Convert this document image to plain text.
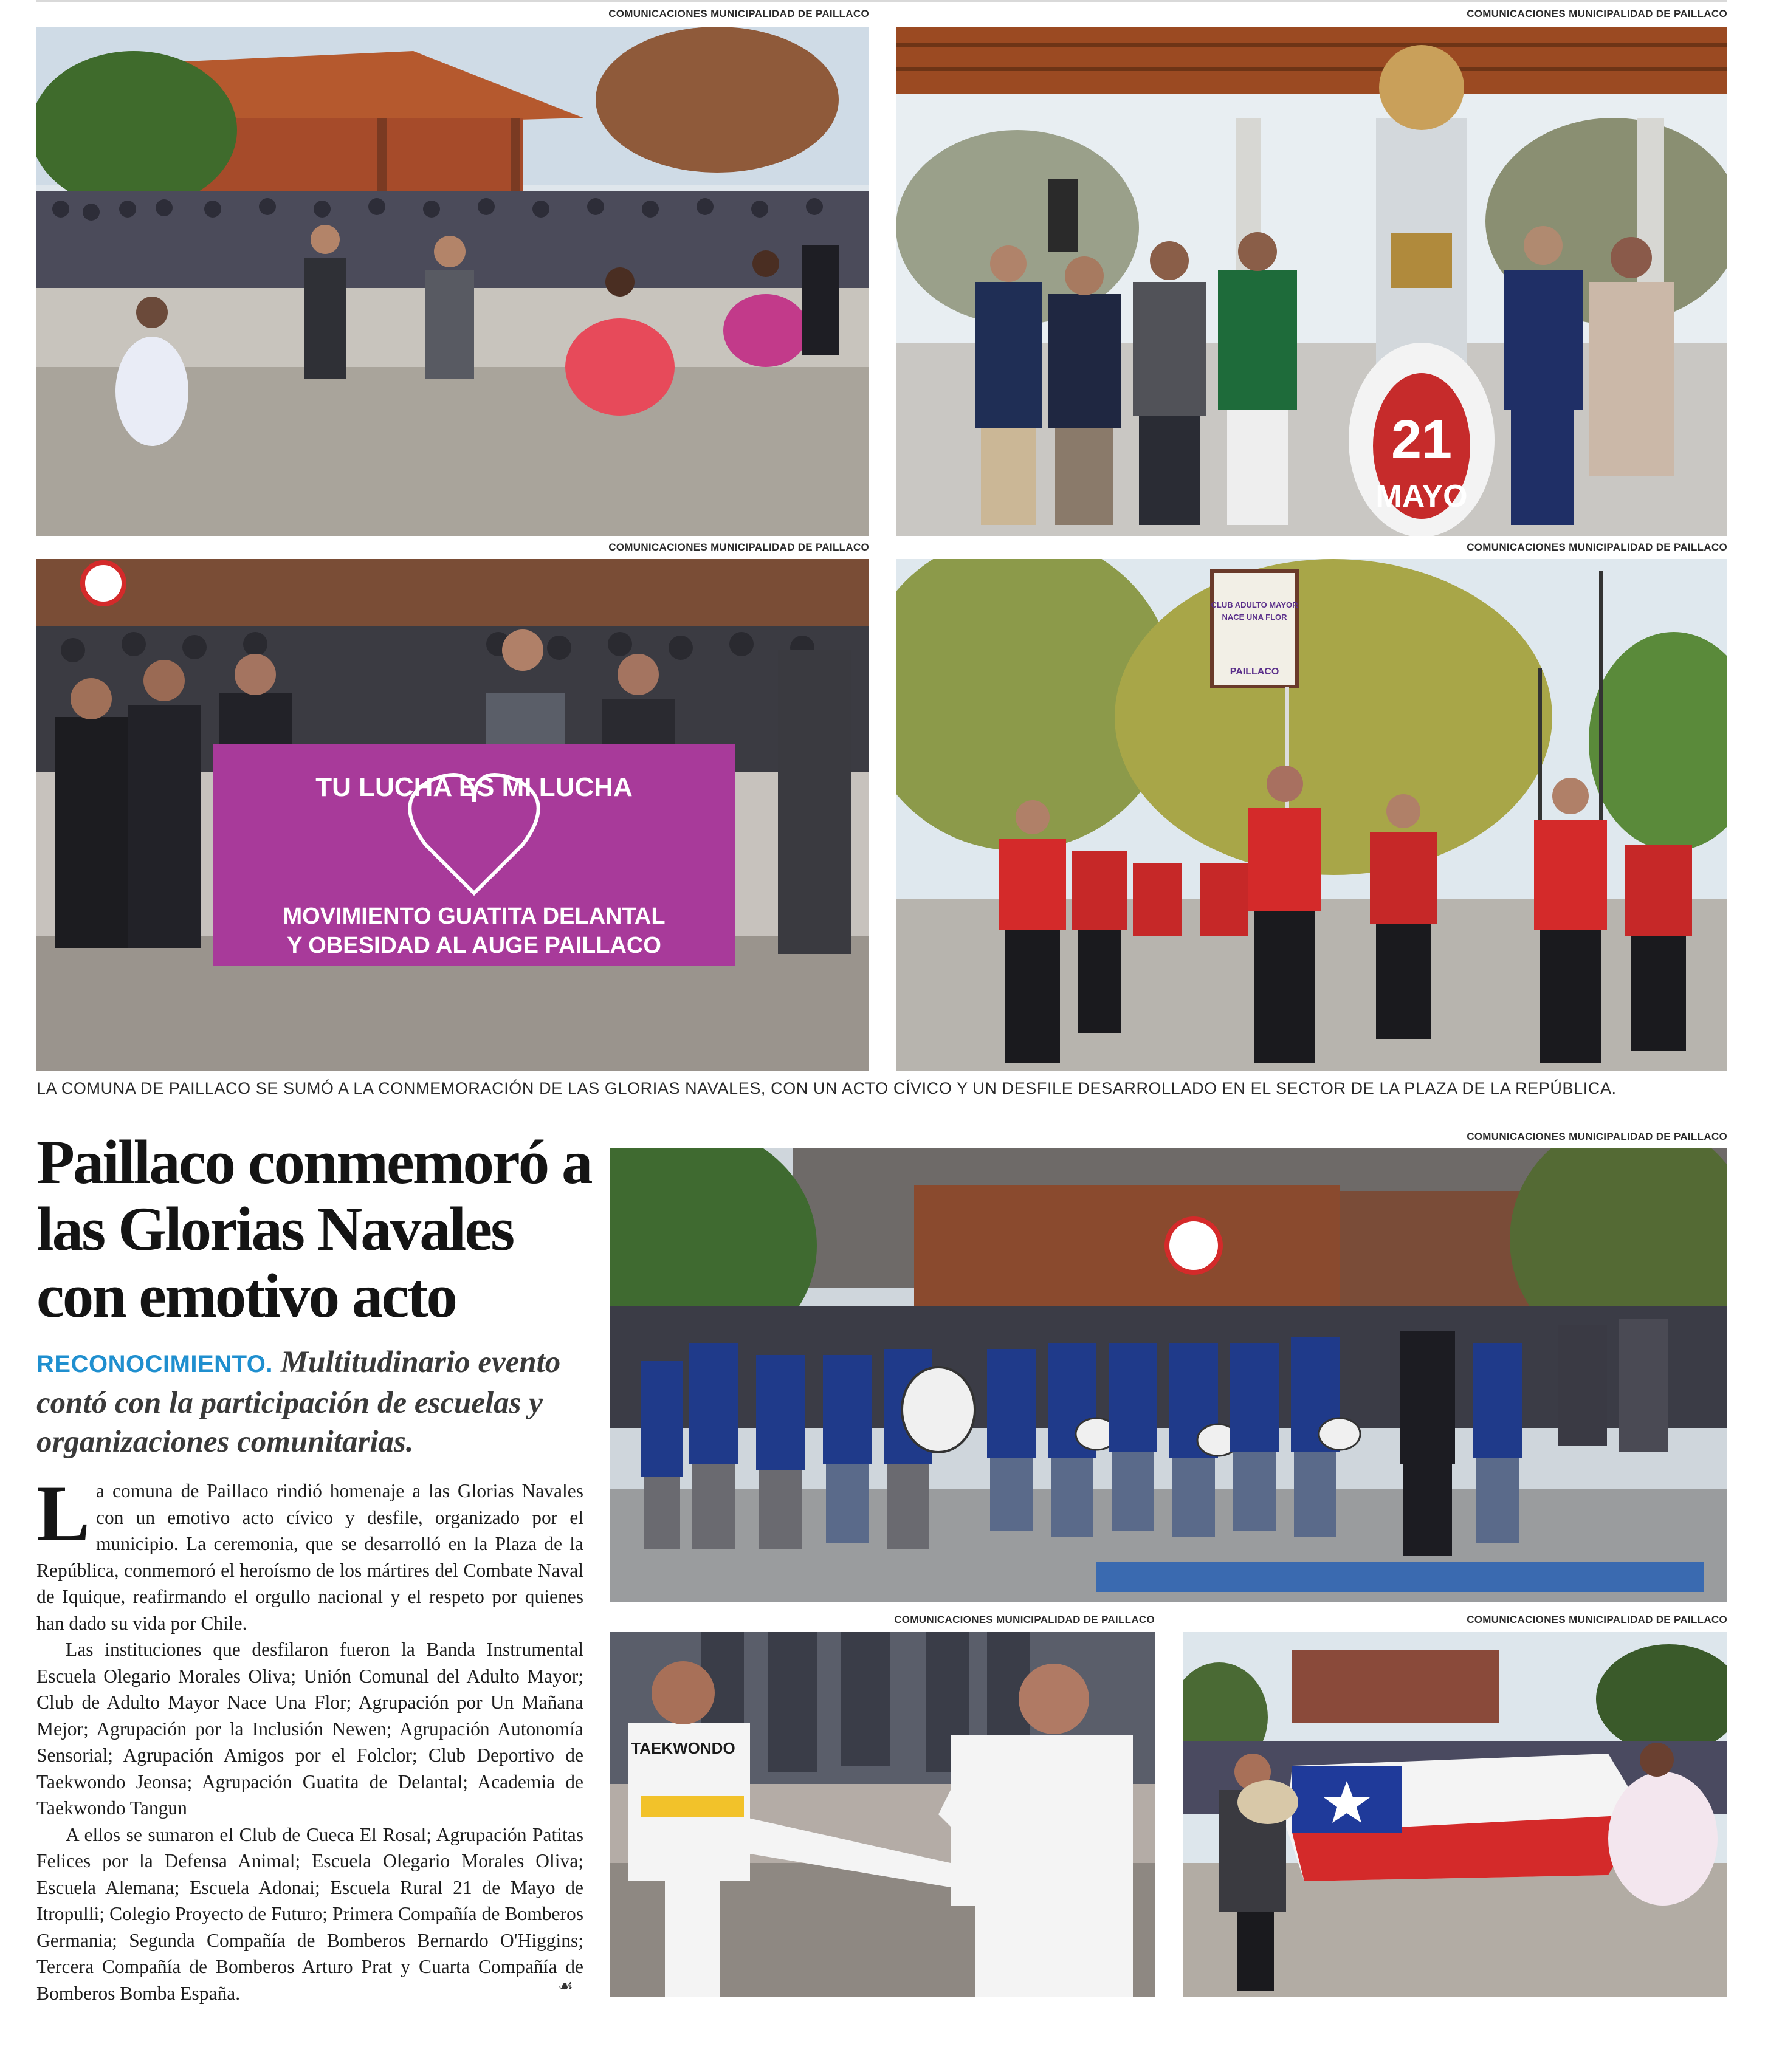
COMUNICACIONES MUNICIPALIDAD DE PAILLACO	COMUNICACIONES MUNICIPALIDAD DE PAILLACO
21
MAYO
COMUNICACIONES MUNICIPALIDAD DE PAILLACO
TU LUCHA ES MI LUCHA
MOVIMIENTO GUATITA DELANTAL
Y OBESIDAD AL AUGE PAILLACO
COMUNICACIONES MUNICIPALIDAD DE PAILLACO
CLUB ADULTO MAYOR
NACE UNA FLOR
PAILLACO
LA COMUNA DE PAILLACO SE SUMÓ A LA CONMEMORACIÓN DE LAS GLORIAS NAVALES, CON UN ACTO CÍVICO Y UN DESFILE DESARROLLADO EN EL SECTOR DE LA PLAZA DE LA REPÚBLICA.
Paillaco conmemoró a las Glorias Navales con emotivo acto
RECONOCIMIENTO. Multitudinario evento contó con la participación de escuelas y organizaciones comunitarias.

La comuna de Paillaco rindió homenaje a las Glorias Navales con un emotivo acto cívico y desfile, organizado por el municipio. La ceremonia, que se desarrolló en la Plaza de la República, conmemoró el heroísmo de los mártires del Combate Naval de Iquique, reafirmando el orgullo nacional y el respeto por quienes han dado su vida por Chile.

Las instituciones que desfilaron fueron la Banda Instrumental Escuela Olegario Morales Oliva; Unión Comunal del Adulto Mayor; Club de Adulto Mayor Nace Una Flor; Agrupación por Un Mañana Mejor; Agrupación por la Inclusión Newen; Agrupación Autonomía Sensorial; Agrupación Amigos por el Folclor; Club Deportivo de Taekwondo Jeonsa; Agrupación Guatita de Delantal; Academia de Taekwondo Tangun

A ellos se sumaron el Club de Cueca El Rosal; Agrupación Patitas Felices por la Defensa Animal; Escuela Olegario Morales Oliva; Escuela Alemana; Escuela Adonai; Escuela Rural 21 de Mayo de Itropulli; Colegio Proyecto de Futuro; Primera Compañía de Bomberos Germania; Segunda Compañía de Bomberos Bernardo O'Higgins; Tercera Compañía de Bomberos Arturo Prat y Cuarta Compañía de Bomberos Bomba España.	☙
COMUNICACIONES MUNICIPALIDAD DE PAILLACO
COMUNICACIONES MUNICIPALIDAD DE PAILLACO
TAEKWONDO
COMUNICACIONES MUNICIPALIDAD DE PAILLACO
